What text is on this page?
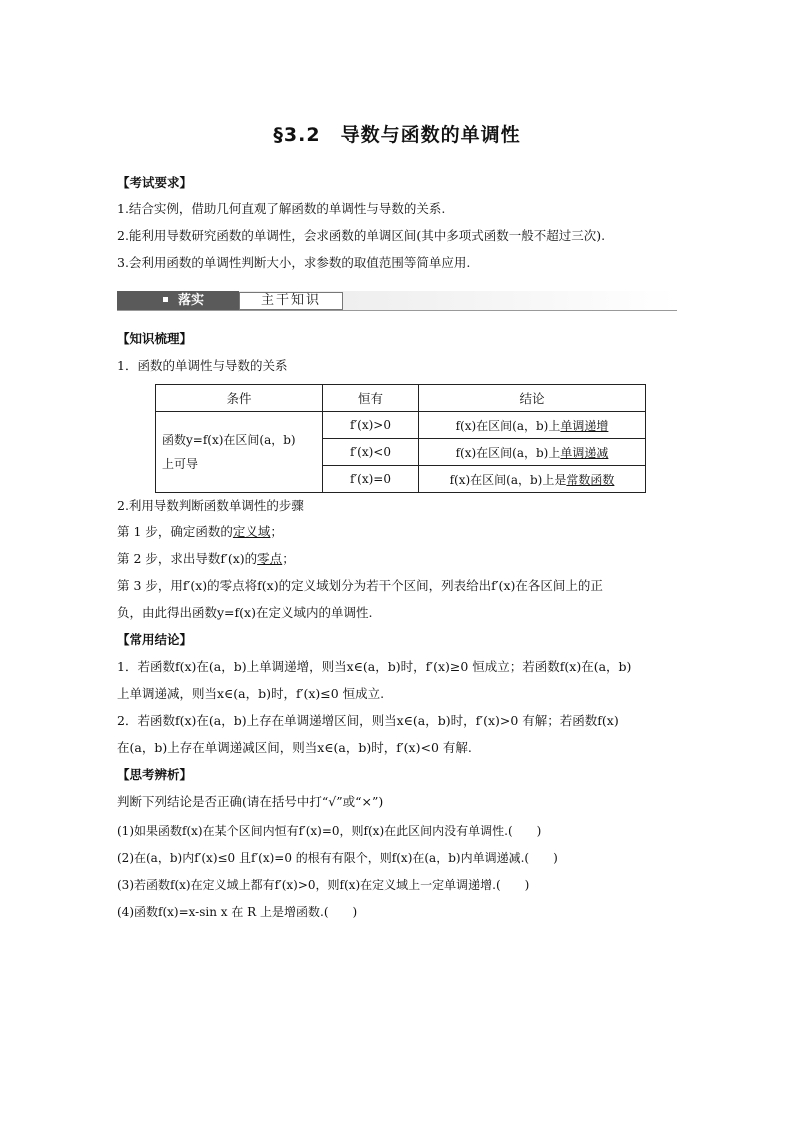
§3.2　导数与函数的单调性
【考试要求】
1.结合实例，借助几何直观了解函数的单调性与导数的关系.
2.能利用导数研究函数的单调性，会求函数的单调区间(其中多项式函数一般不超过三次).
3.会利用函数的单调性判断大小，求参数的取值范围等简单应用.
落实	主干知识
【知识梳理】
1．函数的单调性与导数的关系
条件	恒有	结论

函数y=f(x)在区间(a，b)
上可导	f′(x)>0	f(x)在区间(a，b)上单调递增
	f′(x)<0	f(x)在区间(a，b)上单调递减
	f′(x)=0	f(x)在区间(a，b)上是常数函数
2.利用导数判断函数单调性的步骤
第 1 步，确定函数的定义域；
第 2 步，求出导数f′(x)的零点；
第 3 步，用f′(x)的零点将f(x)的定义域划分为若干个区间，列表给出f′(x)在各区间上的正
负，由此得出函数y=f(x)在定义域内的单调性.
【常用结论】
1．若函数f(x)在(a，b)上单调递增，则当x∈(a，b)时，f′(x)≥0 恒成立；若函数f(x)在(a，b)
上单调递减，则当x∈(a，b)时，f′(x)≤0 恒成立.
2．若函数f(x)在(a，b)上存在单调递增区间，则当x∈(a，b)时，f′(x)>0 有解；若函数f(x)
在(a，b)上存在单调递减区间，则当x∈(a，b)时，f′(x)<0 有解.
【思考辨析】
判断下列结论是否正确(请在括号中打“√”或“×”)
(1)如果函数f(x)在某个区间内恒有f′(x)=0，则f(x)在此区间内没有单调性.(　　)
(2)在(a，b)内f′(x)≤0 且f′(x)=0 的根有有限个，则f(x)在(a，b)内单调递减.(　　)
(3)若函数f(x)在定义域上都有f′(x)>0，则f(x)在定义域上一定单调递增.(　　)
(4)函数f(x)=x-sin x 在 R 上是增函数.(　　)
